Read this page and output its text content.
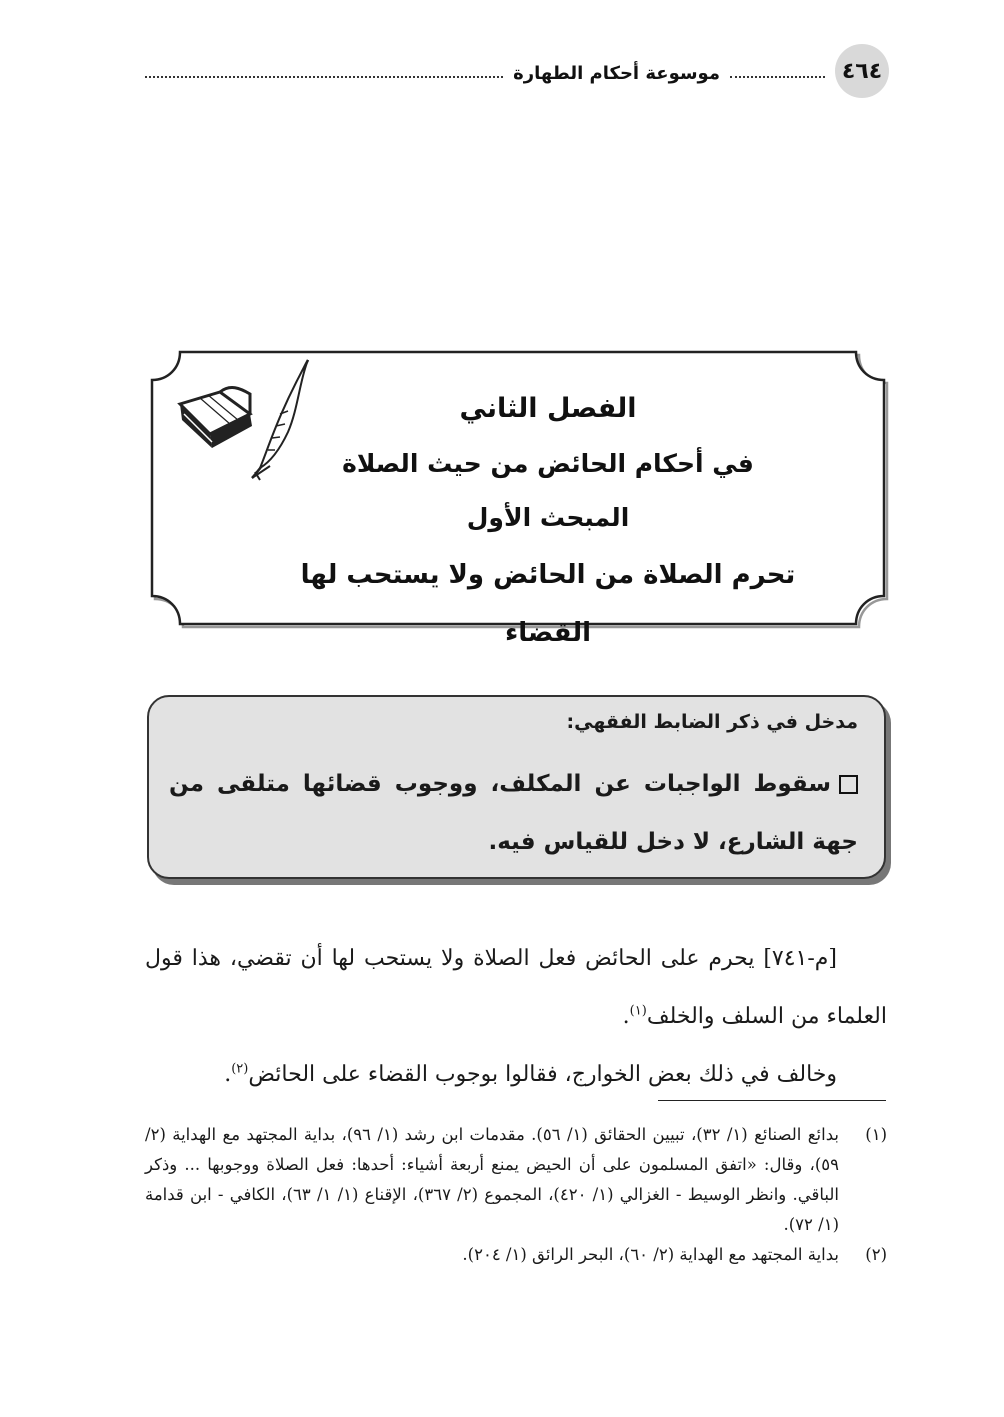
٤٦٤
موسوعة أحكام الطهارة
الفصل الثاني
في أحكام الحائض من حيث الصلاة
المبحث الأول
تحرم الصلاة من الحائض ولا يستحب لها القضاء
مدخل في ذكر الضابط الفقهي:
سقوط الواجبات عن المكلف، ووجوب قضائها متلقى من جهة الشارع، لا دخل للقياس فيه.

[م-٧٤١] يحرم على الحائض فعل الصلاة ولا يستحب لها أن تقضي، هذا قول العلماء من السلف والخلف$^{(١)}$.

وخالف في ذلك بعض الخوارج، فقالوا بوجوب القضاء على الحائض$^{(٢)}$.

(١)
بدائع الصنائع (١/ ٣٢)، تبيين الحقائق (١/ ٥٦). مقدمات ابن رشد (١/ ٩٦)، بداية المجتهد مع الهداية (٢/ ٥٩)، وقال: «اتفق المسلمون على أن الحيض يمنع أربعة أشياء: أحدها: فعل الصلاة ووجوبها ... وذكر الباقي. وانظر الوسيط - الغزالي (١/ ٤٢٠)، المجموع (٢/ ٣٦٧)، الإقناع (١/ ١/ ٦٣)، الكافي - ابن قدامة (١/ ٧٢).
(٢)
بداية المجتهد مع الهداية (٢/ ٦٠)، البحر الرائق (١/ ٢٠٤).
